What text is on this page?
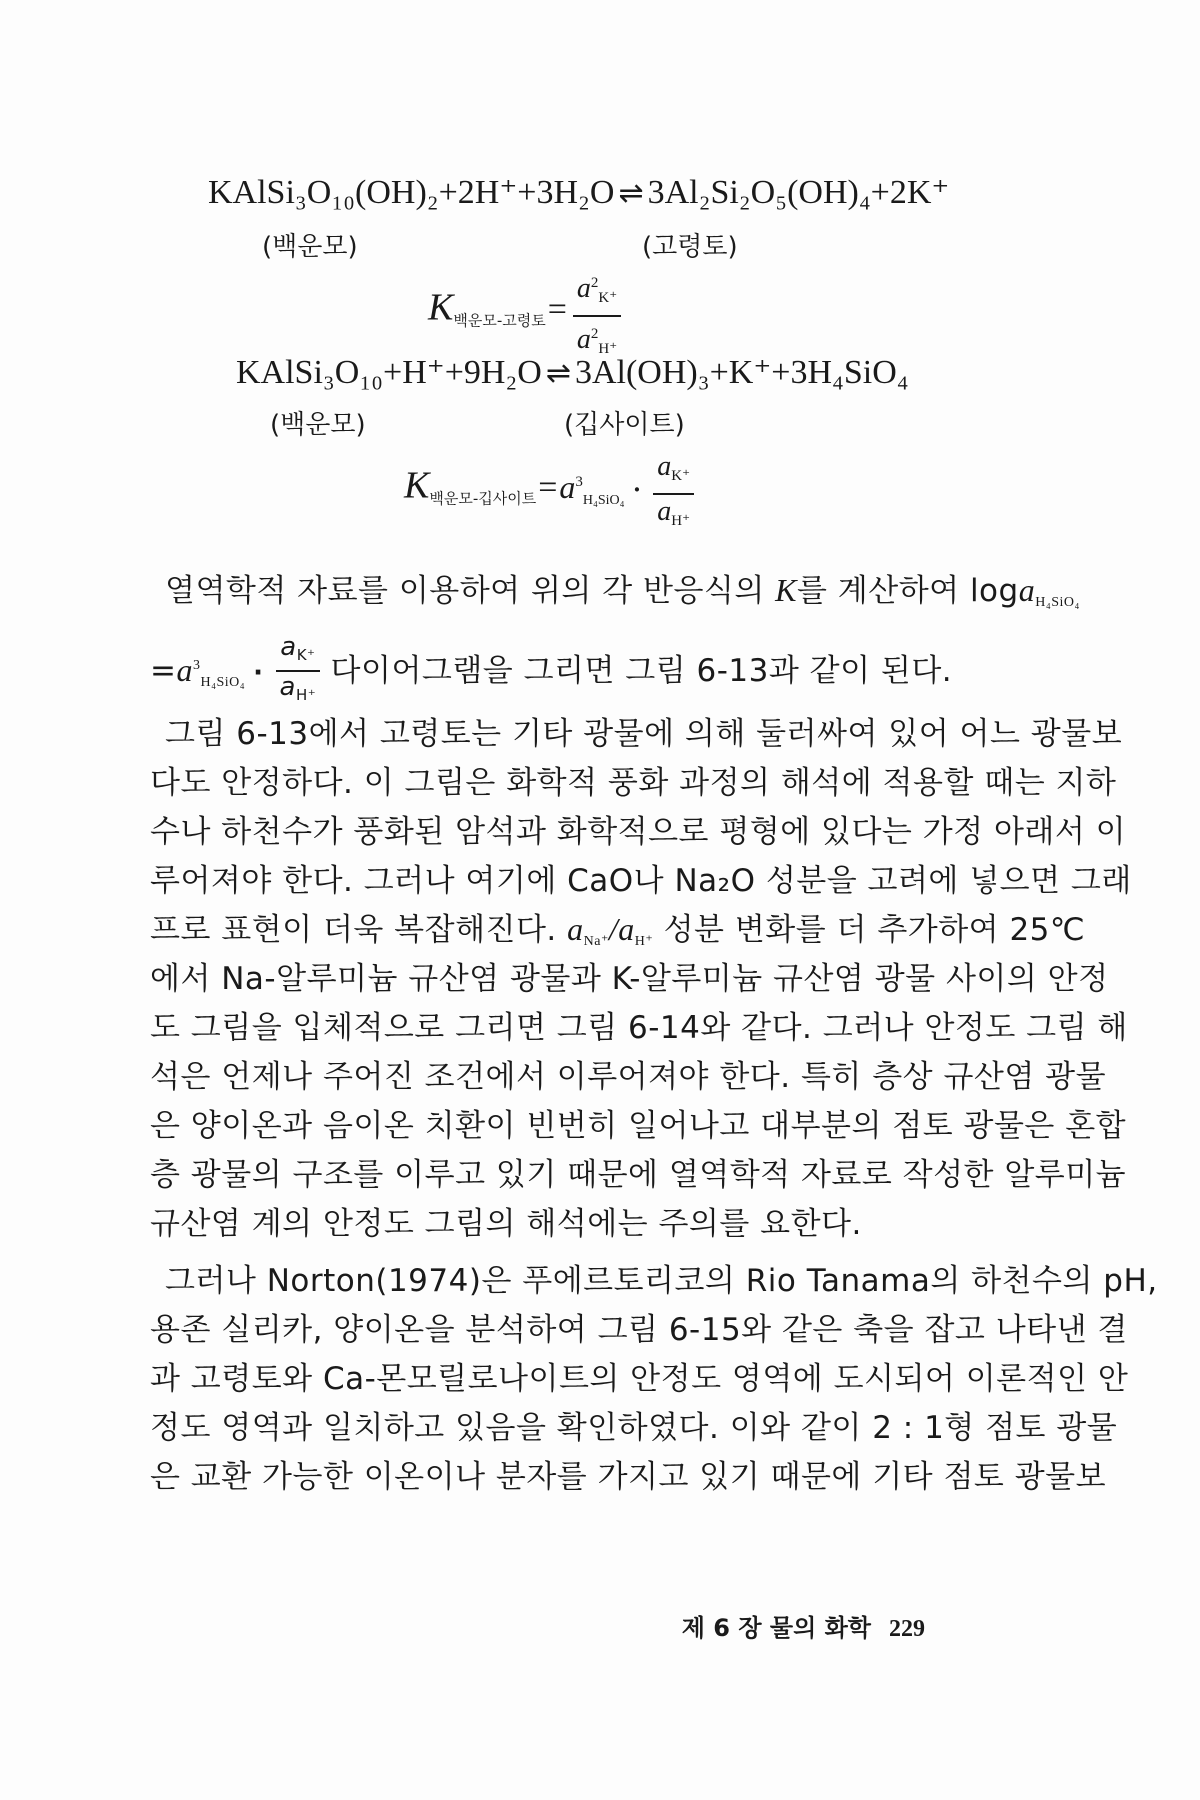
KAlSi₃O₁₀(OH)₂+2H⁺+3H₂O ⇌ 3Al₂Si₂O₅(OH)₄+2K⁺
(백운모)	(고령토)
K백운모-고령토= $\frac{a^2_{K^+}}{a^2_{H^+}}$
KAlSi₃O₁₀+H⁺+9H₂O ⇌ 3Al(OH)₃+K⁺+3H₄SiO₄
(백운모)	(깁사이트)
K백운모-깁사이트$=a^3_{H_4SiO_4} \cdot \frac{a_{K^+}}{a_{H^+}}$
열역학적 자료를 이용하여 위의 각 반응식의 K를 계산하여 loga$_{H_4SiO_4}$
$=a^3_{H_4SiO_4} \cdot \frac{a_{K^+}}{a_{H^+}}$ 다이어그램을 그리면 그림 6-13과 같이 된다.
그림 6-13에서 고령토는 기타 광물에 의해 둘러싸여 있어 어느 광물보
다도 안정하다. 이 그림은 화학적 풍화 과정의 해석에 적용할 때는 지하
수나 하천수가 풍화된 암석과 화학적으로 평형에 있다는 가정 아래서 이
루어져야 한다. 그러나 여기에 CaO나 Na₂O 성분을 고려에 넣으면 그래
프로 표현이 더욱 복잡해진다. $a_{Na^+}/a_{H^+}$ 성분 변화를 더 추가하여 25℃
에서 Na-알루미늄 규산염 광물과 K-알루미늄 규산염 광물 사이의 안정
도 그림을 입체적으로 그리면 그림 6-14와 같다. 그러나 안정도 그림 해
석은 언제나 주어진 조건에서 이루어져야 한다. 특히 층상 규산염 광물
은 양이온과 음이온 치환이 빈번히 일어나고 대부분의 점토 광물은 혼합
층 광물의 구조를 이루고 있기 때문에 열역학적 자료로 작성한 알루미늄
규산염 계의 안정도 그림의 해석에는 주의를 요한다.
그러나 Norton(1974)은 푸에르토리코의 Rio Tanama의 하천수의 pH,
용존 실리카, 양이온을 분석하여 그림 6-15와 같은 축을 잡고 나타낸 결
과 고령토와 Ca-몬모릴로나이트의 안정도 영역에 도시되어 이론적인 안
정도 영역과 일치하고 있음을 확인하였다. 이와 같이 2 : 1형 점토 광물
은 교환 가능한 이온이나 분자를 가지고 있기 때문에 기타 점토 광물보
제 6 장 물의 화학 229
